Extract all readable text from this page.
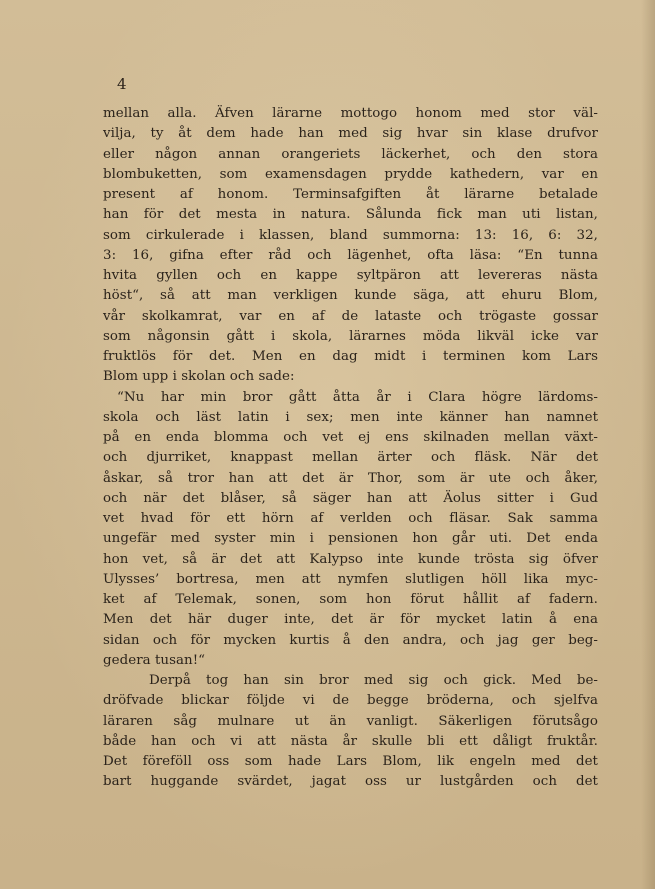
4
mellan alla. Äfven lärarne mottogo honom med stor väl-
vilja, ty åt dem hade han med sig hvar sin klase drufvor
eller någon annan orangeriets läckerhet, och den stora
blombuketten, som examensdagen prydde kathedern, var en
present af honom. Terminsafgiften åt lärarne betalade
han för det mesta in natura. Sålunda fick man uti listan,
som cirkulerade i klassen, bland summorna: 13: 16, 6: 32,
3: 16, gifna efter råd och lägenhet, ofta läsa: “En tunna
hvita gyllen och en kappe syltpäron att levereras nästa
höst“, så att man verkligen kunde säga, att ehuru Blom,
vår skolkamrat, var en af de lataste och trögaste gossar
som någonsin gått i skola, lärarnes möda likväl icke var
fruktlös för det. Men en dag midt i terminen kom Lars
Blom upp i skolan och sade:
“Nu har min bror gått åtta år i Clara högre lärdoms-
skola och läst latin i sex; men inte känner han namnet
på en enda blomma och vet ej ens skilnaden mellan växt-
och djurriket, knappast mellan ärter och fläsk. När det
åskar, så tror han att det är Thor, som är ute och åker,
och när det blåser, så säger han att Äolus sitter i Gud
vet hvad för ett hörn af verlden och fläsar. Sak samma
ungefär med syster min i pensionen hon går uti. Det enda
hon vet, så är det att Kalypso inte kunde trösta sig öfver
Ulysses’ bortresa, men att nymfen slutligen höll lika myc-
ket af Telemak, sonen, som hon förut hållit af fadern.
Men det här duger inte, det är för mycket latin å ena
sidan och för mycken kurtis å den andra, och jag ger beg-
gedera tusan!“
Derpå tog han sin bror med sig och gick. Med be-
dröfvade blickar följde vi de begge bröderna, och sjelfva
läraren såg mulnare ut än vanligt. Säkerligen förutsågo
både han och vi att nästa år skulle bli ett dåligt fruktår.
Det föreföll oss som hade Lars Blom, lik engeln med det
bart huggande svärdet, jagat oss ur lustgården och det
